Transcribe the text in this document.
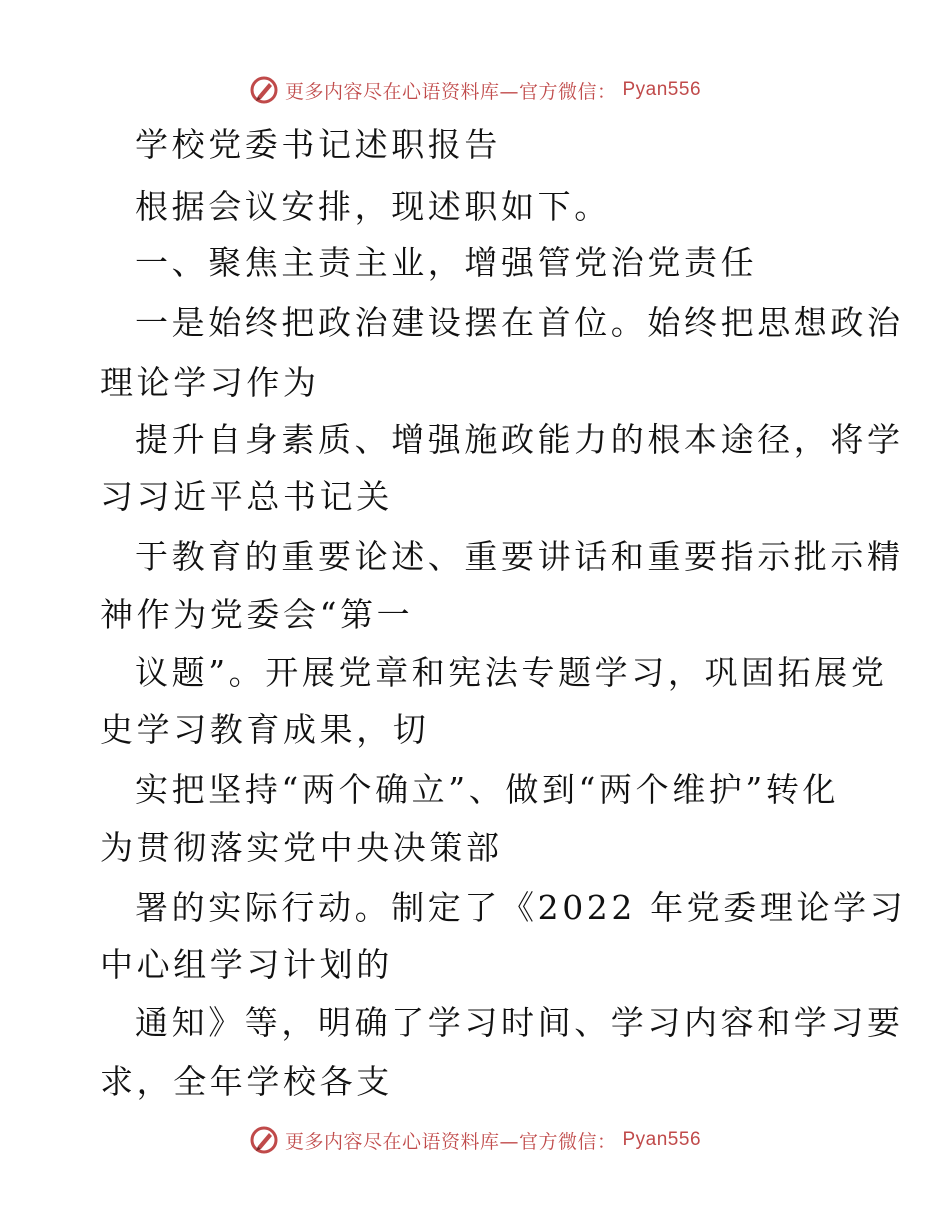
更多内容尽在心语资料库—官方微信： Pyan556
学校党委书记述职报告
根据会议安排，现述职如下。
一、聚焦主责主业，增强管党治党责任
一是始终把政治建设摆在首位。始终把思想政治
理论学习作为
提升自身素质、增强施政能力的根本途径，将学
习习近平总书记关
于教育的重要论述、重要讲话和重要指示批示精
神作为党委会“第一
议题”。开展党章和宪法专题学习，巩固拓展党
史学习教育成果，切
实把坚持“两个确立”、做到“两个维护”转化
为贯彻落实党中央决策部
署的实际行动。制定了《2022 年党委理论学习
中心组学习计划的
通知》等，明确了学习时间、学习内容和学习要
求，全年学校各支
更多内容尽在心语资料库—官方微信： Pyan556
